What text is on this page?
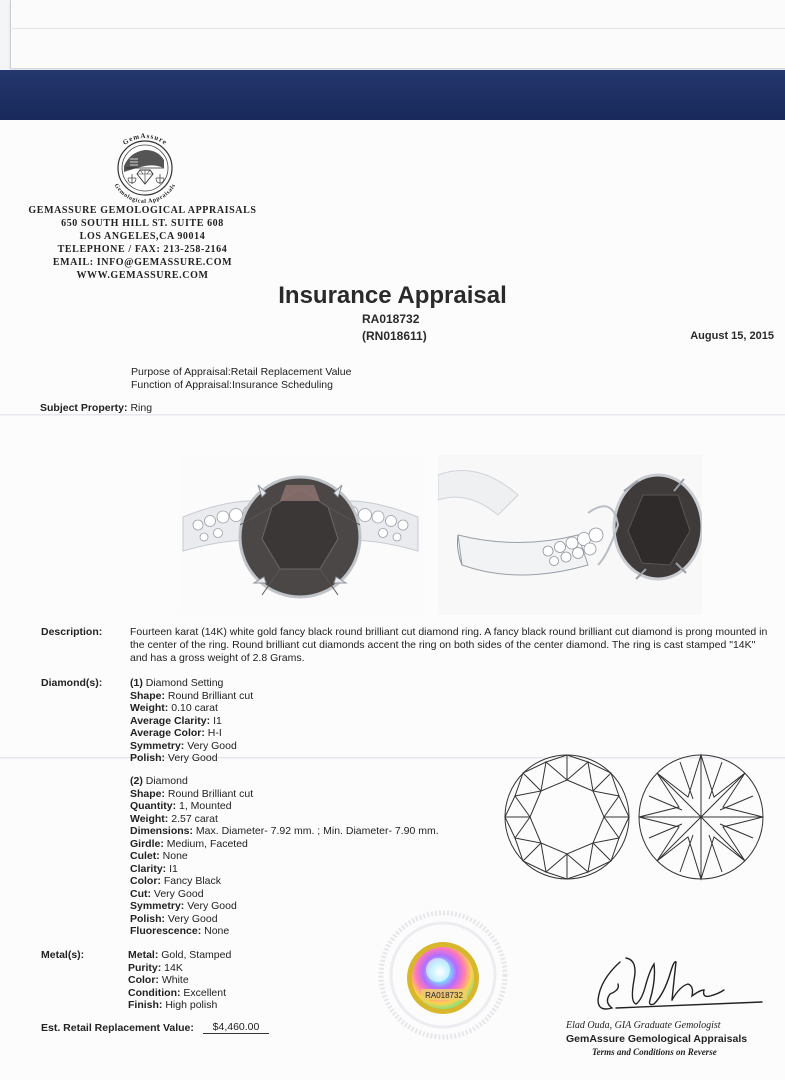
GemAssure
Gemological Appraisals
GEMASSURE GEMOLOGICAL APPRAISALS
650 SOUTH HILL ST. SUITE 608
LOS ANGELES,CA 90014
TELEPHONE / FAX: 213-258-2164
EMAIL: INFO@GEMASSURE.COM
WWW.GEMASSURE.COM
Insurance Appraisal
RA018732
(RN018611)	August 15, 2015
Purpose of Appraisal:Retail Replacement Value
Function of Appraisal:Insurance Scheduling
Subject Property: Ring
Description:	Fourteen karat (14K) white gold fancy black round brilliant cut diamond ring. A fancy black round brilliant cut diamond is prong mounted in the center of the ring. Round brilliant cut diamonds accent the ring on both sides of the center diamond. The ring is cast stamped "14K" and has a gross weight of 2.8 Grams.
Diamond(s):	(1) Diamond Setting
Shape: Round Brilliant cut
Weight: 0.10 carat
Average Clarity: I1
Average Color: H-I
Symmetry: Very Good
Polish: Very Good
(2) Diamond
Shape: Round Brilliant cut
Quantity: 1, Mounted
Weight: 2.57 carat
Dimensions: Max. Diameter- 7.92 mm. ; Min. Diameter- 7.90 mm.
Girdle: Medium, Faceted
Culet: None
Clarity: I1
Color: Fancy Black
Cut: Very Good
Symmetry: Very Good
Polish: Very Good
Fluorescence: None
Metal(s):	Metal: Gold, Stamped
Purity: 14K
Color: White
Condition: Excellent
Finish: High polish
Est. Retail Replacement Value:	$4,460.00
RA018732
Elad Ouda, GIA Graduate Gemologist
GemAssure Gemological Appraisals
Terms and Conditions on Reverse
